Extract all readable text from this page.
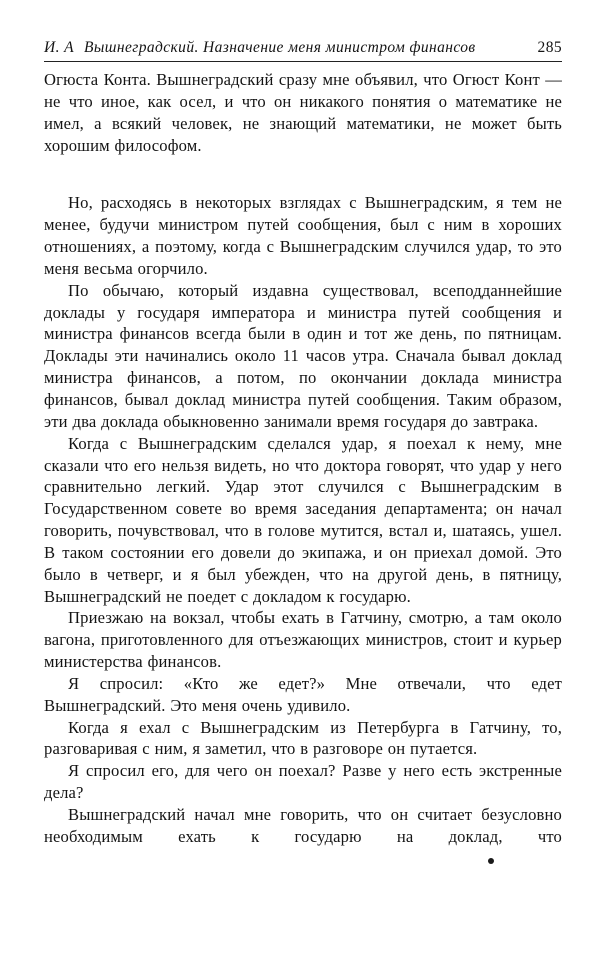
И. А Вышнеградский. Назначение меня министром финансов	285

Огюста Конта. Вышнеградский сразу мне объявил, что Огюст Конт — не что иное, как осел, и что он никакого понятия о математике не имел, а всякий человек, не знающий математики, не может быть хорошим философом.

Но, расходясь в некоторых взглядах с Вышнеградским, я тем не менее, будучи министром путей сообщения, был с ним в хороших отношениях, а поэтому, когда с Вышнеградским случился удар, то это меня весьма огорчило.

По обычаю, который издавна существовал, всеподданнейшие доклады у государя императора и министра путей сообщения и министра финансов всегда были в один и тот же день, по пятницам. Доклады эти начинались около 11 часов утра. Сначала бывал доклад министра финансов, а потом, по окончании доклада министра финансов, бывал доклад министра путей сообщения. Таким образом, эти два доклада обыкновенно занимали время государя до завтрака.

Когда с Вышнеградским сделался удар, я поехал к нему, мне сказали что его нельзя видеть, но что доктора говорят, что удар у него сравнительно легкий. Удар этот случился с Вышнеградским в Государственном совете во время заседания департамента; он начал говорить, почувствовал, что в голове мутится, встал и, шатаясь, ушел. В таком состоянии его довели до экипажа, и он приехал домой. Это было в четверг, и я был убежден, что на другой день, в пятницу, Вышнеградский не поедет с докладом к государю.

Приезжаю на вокзал, чтобы ехать в Гатчину, смотрю, а там около вагона, приготовленного для отъезжающих министров, стоит и курьер министерства финансов.

Я спросил: «Кто же едет?» Мне отвечали, что едет Вышнеградский. Это меня очень удивило.

Когда я ехал с Вышнеградским из Петербурга в Гатчину, то, разговаривая с ним, я заметил, что в разговоре он путается.

Я спросил его, для чего он поехал? Разве у него есть экстренные дела?

Вышнеградский начал мне говорить, что он считает безусловно необходимым ехать к государю на доклад, что
